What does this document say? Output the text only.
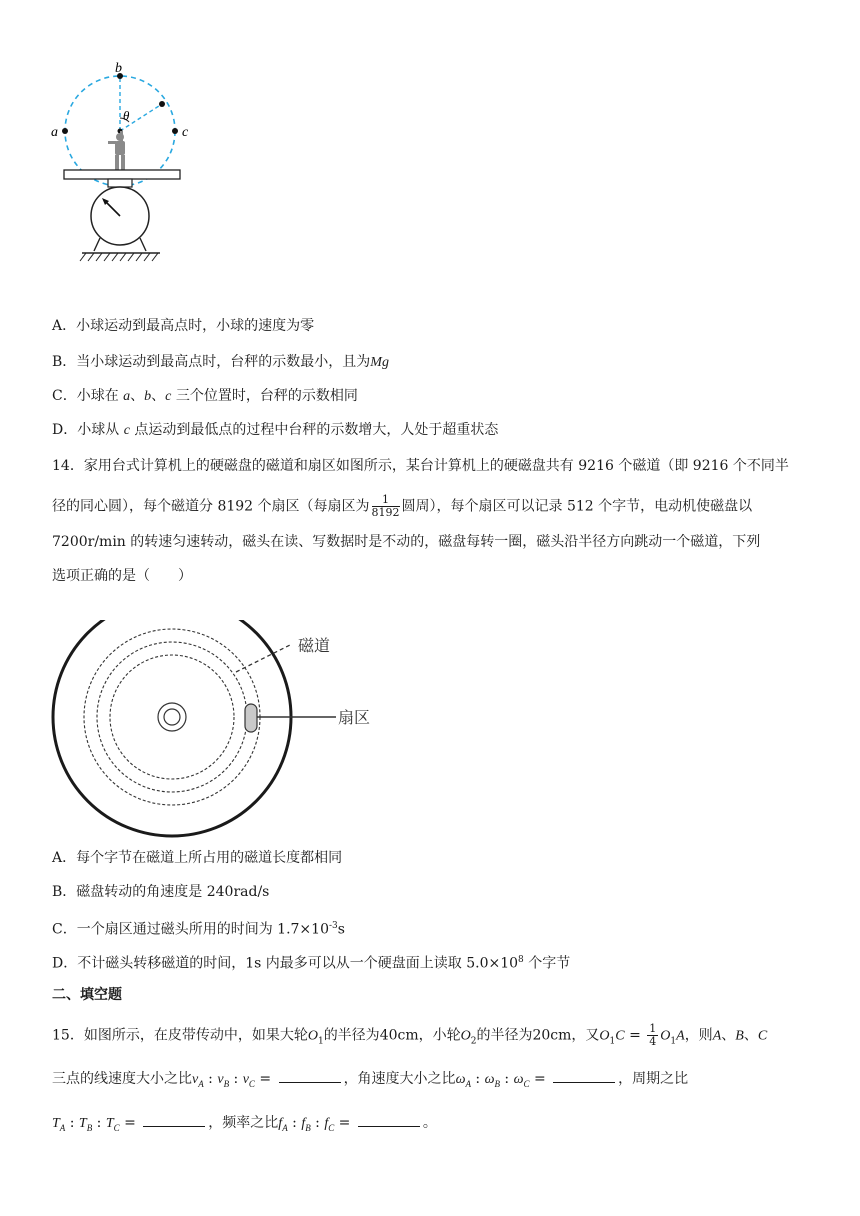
b
a	c
θ
A．小球运动到最高点时，小球的速度为零
B．当小球运动到最高点时，台秤的示数最小，且为Mg
C．小球在 a、b、c 三个位置时，台秤的示数相同
D．小球从 c 点运动到最低点的过程中台秤的示数增大，人处于超重状态
14．家用台式计算机上的硬磁盘的磁道和扇区如图所示，某台计算机上的硬磁盘共有 9216 个磁道（即 9216 个不同半
径的同心圆），每个磁道分 8192 个扇区（每扇区为 $\frac{1}{8192}$ 圆周），每个扇区可以记录 512 个字节，电动机使磁盘以
7200r/min 的转速匀速转动，磁头在读、写数据时是不动的，磁盘每转一圈，磁头沿半径方向跳动一个磁道，下列
选项正确的是（　　）
磁道
扇区
A．每个字节在磁道上所占用的磁道长度都相同
B．磁盘转动的角速度是 240rad/s
C．一个扇区通过磁头所用的时间为 $1.7\times 10^{-3}s$
D．不计磁头转移磁道的时间，1s 内最多可以从一个硬盘面上读取 $5.0\times 10^8$ 个字节
二、填空题
15．如图所示，在皮带传动中，如果大轮$O_1$的半径为40cm，小轮$O_2$的半径为20cm，又$O_1C = \frac{1}{4} O_1A$，则A、B、C
三点的线速度大小之比$v_A$ : $v_B$ : $v_C$ =	，角速度大小之比$\omega_A$ : $\omega_B$ : $\omega_C$ =	，周期之比
$T_A$ : $T_B$ : $T_C$ =	，频率之比$f_A$ : $f_B$ : $f_C$ =	。
